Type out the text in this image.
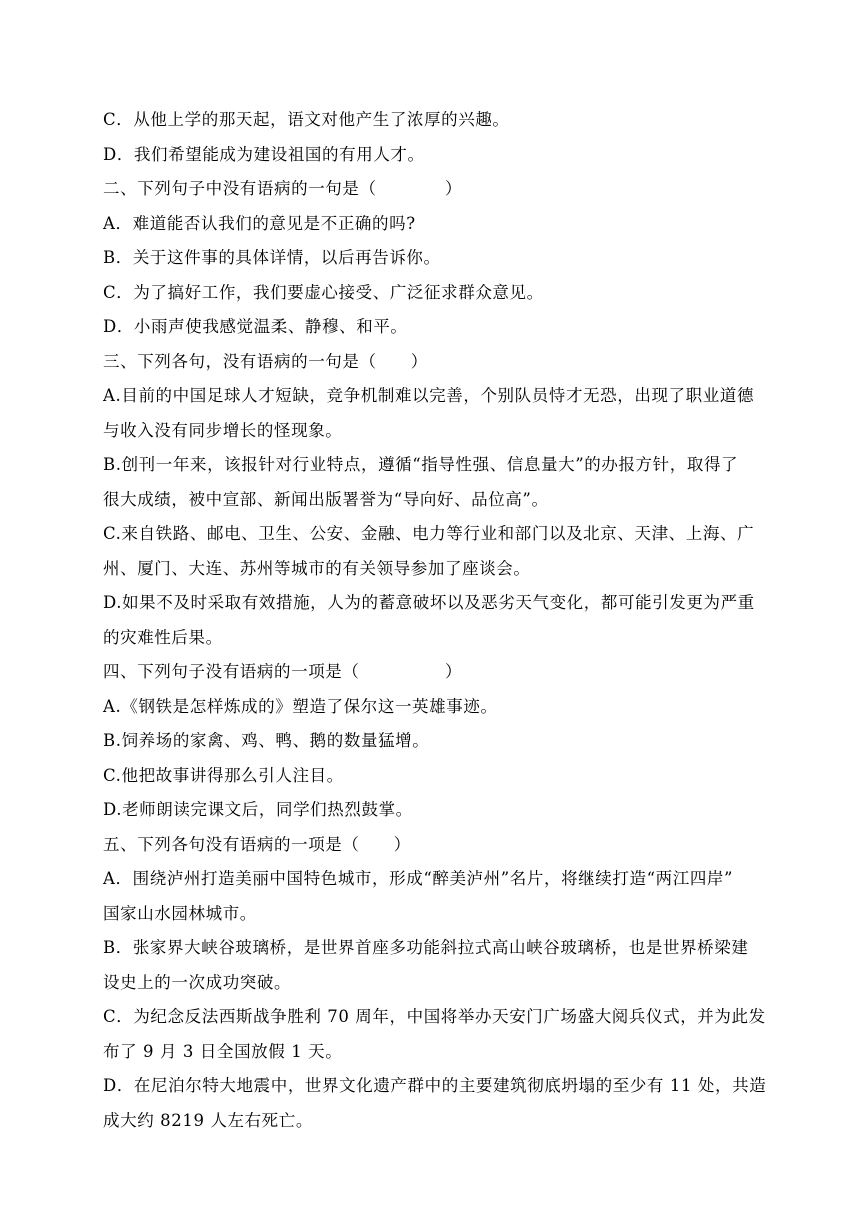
C．从他上学的那天起，语文对他产生了浓厚的兴趣。
D．我们希望能成为建设祖国的有用人才。
二、下列句子中没有语病的一句是（　　　　）
A．难道能否认我们的意见是不正确的吗?
B．关于这件事的具体详情，以后再告诉你。
C．为了搞好工作，我们要虚心接受、广泛征求群众意见。
D．小雨声使我感觉温柔、静穆、和平。
三、下列各句，没有语病的一句是（　　）
A.目前的中国足球人才短缺，竞争机制难以完善，个别队员恃才无恐，出现了职业道德
与收入没有同步增长的怪现象。
B.创刊一年来，该报针对行业特点，遵循“指导性强、信息量大”的办报方针，取得了
很大成绩，被中宣部、新闻出版署誉为“导向好、品位高”。
C.来自铁路、邮电、卫生、公安、金融、电力等行业和部门以及北京、天津、上海、广
州、厦门、大连、苏州等城市的有关领导参加了座谈会。
D.如果不及时采取有效措施，人为的蓄意破坏以及恶劣天气变化，都可能引发更为严重
的灾难性后果。
四、下列句子没有语病的一项是（　　　　　）
A.《钢铁是怎样炼成的》塑造了保尔这一英雄事迹。
B.饲养场的家禽、鸡、鸭、鹅的数量猛增。
C.他把故事讲得那么引人注目。
D.老师朗读完课文后，同学们热烈鼓掌。
五、下列各句没有语病的一项是（　　）
A．围绕泸州打造美丽中国特色城市，形成“醉美泸州”名片，将继续打造“两江四岸”
国家山水园林城市。
B．张家界大峡谷玻璃桥，是世界首座多功能斜拉式高山峡谷玻璃桥，也是世界桥梁建
设史上的一次成功突破。
C．为纪念反法西斯战争胜利 70 周年，中国将举办天安门广场盛大阅兵仪式，并为此发
布了 9 月 3 日全国放假 1 天。
D．在尼泊尔特大地震中，世界文化遗产群中的主要建筑彻底坍塌的至少有 11 处，共造
成大约 8219 人左右死亡。
